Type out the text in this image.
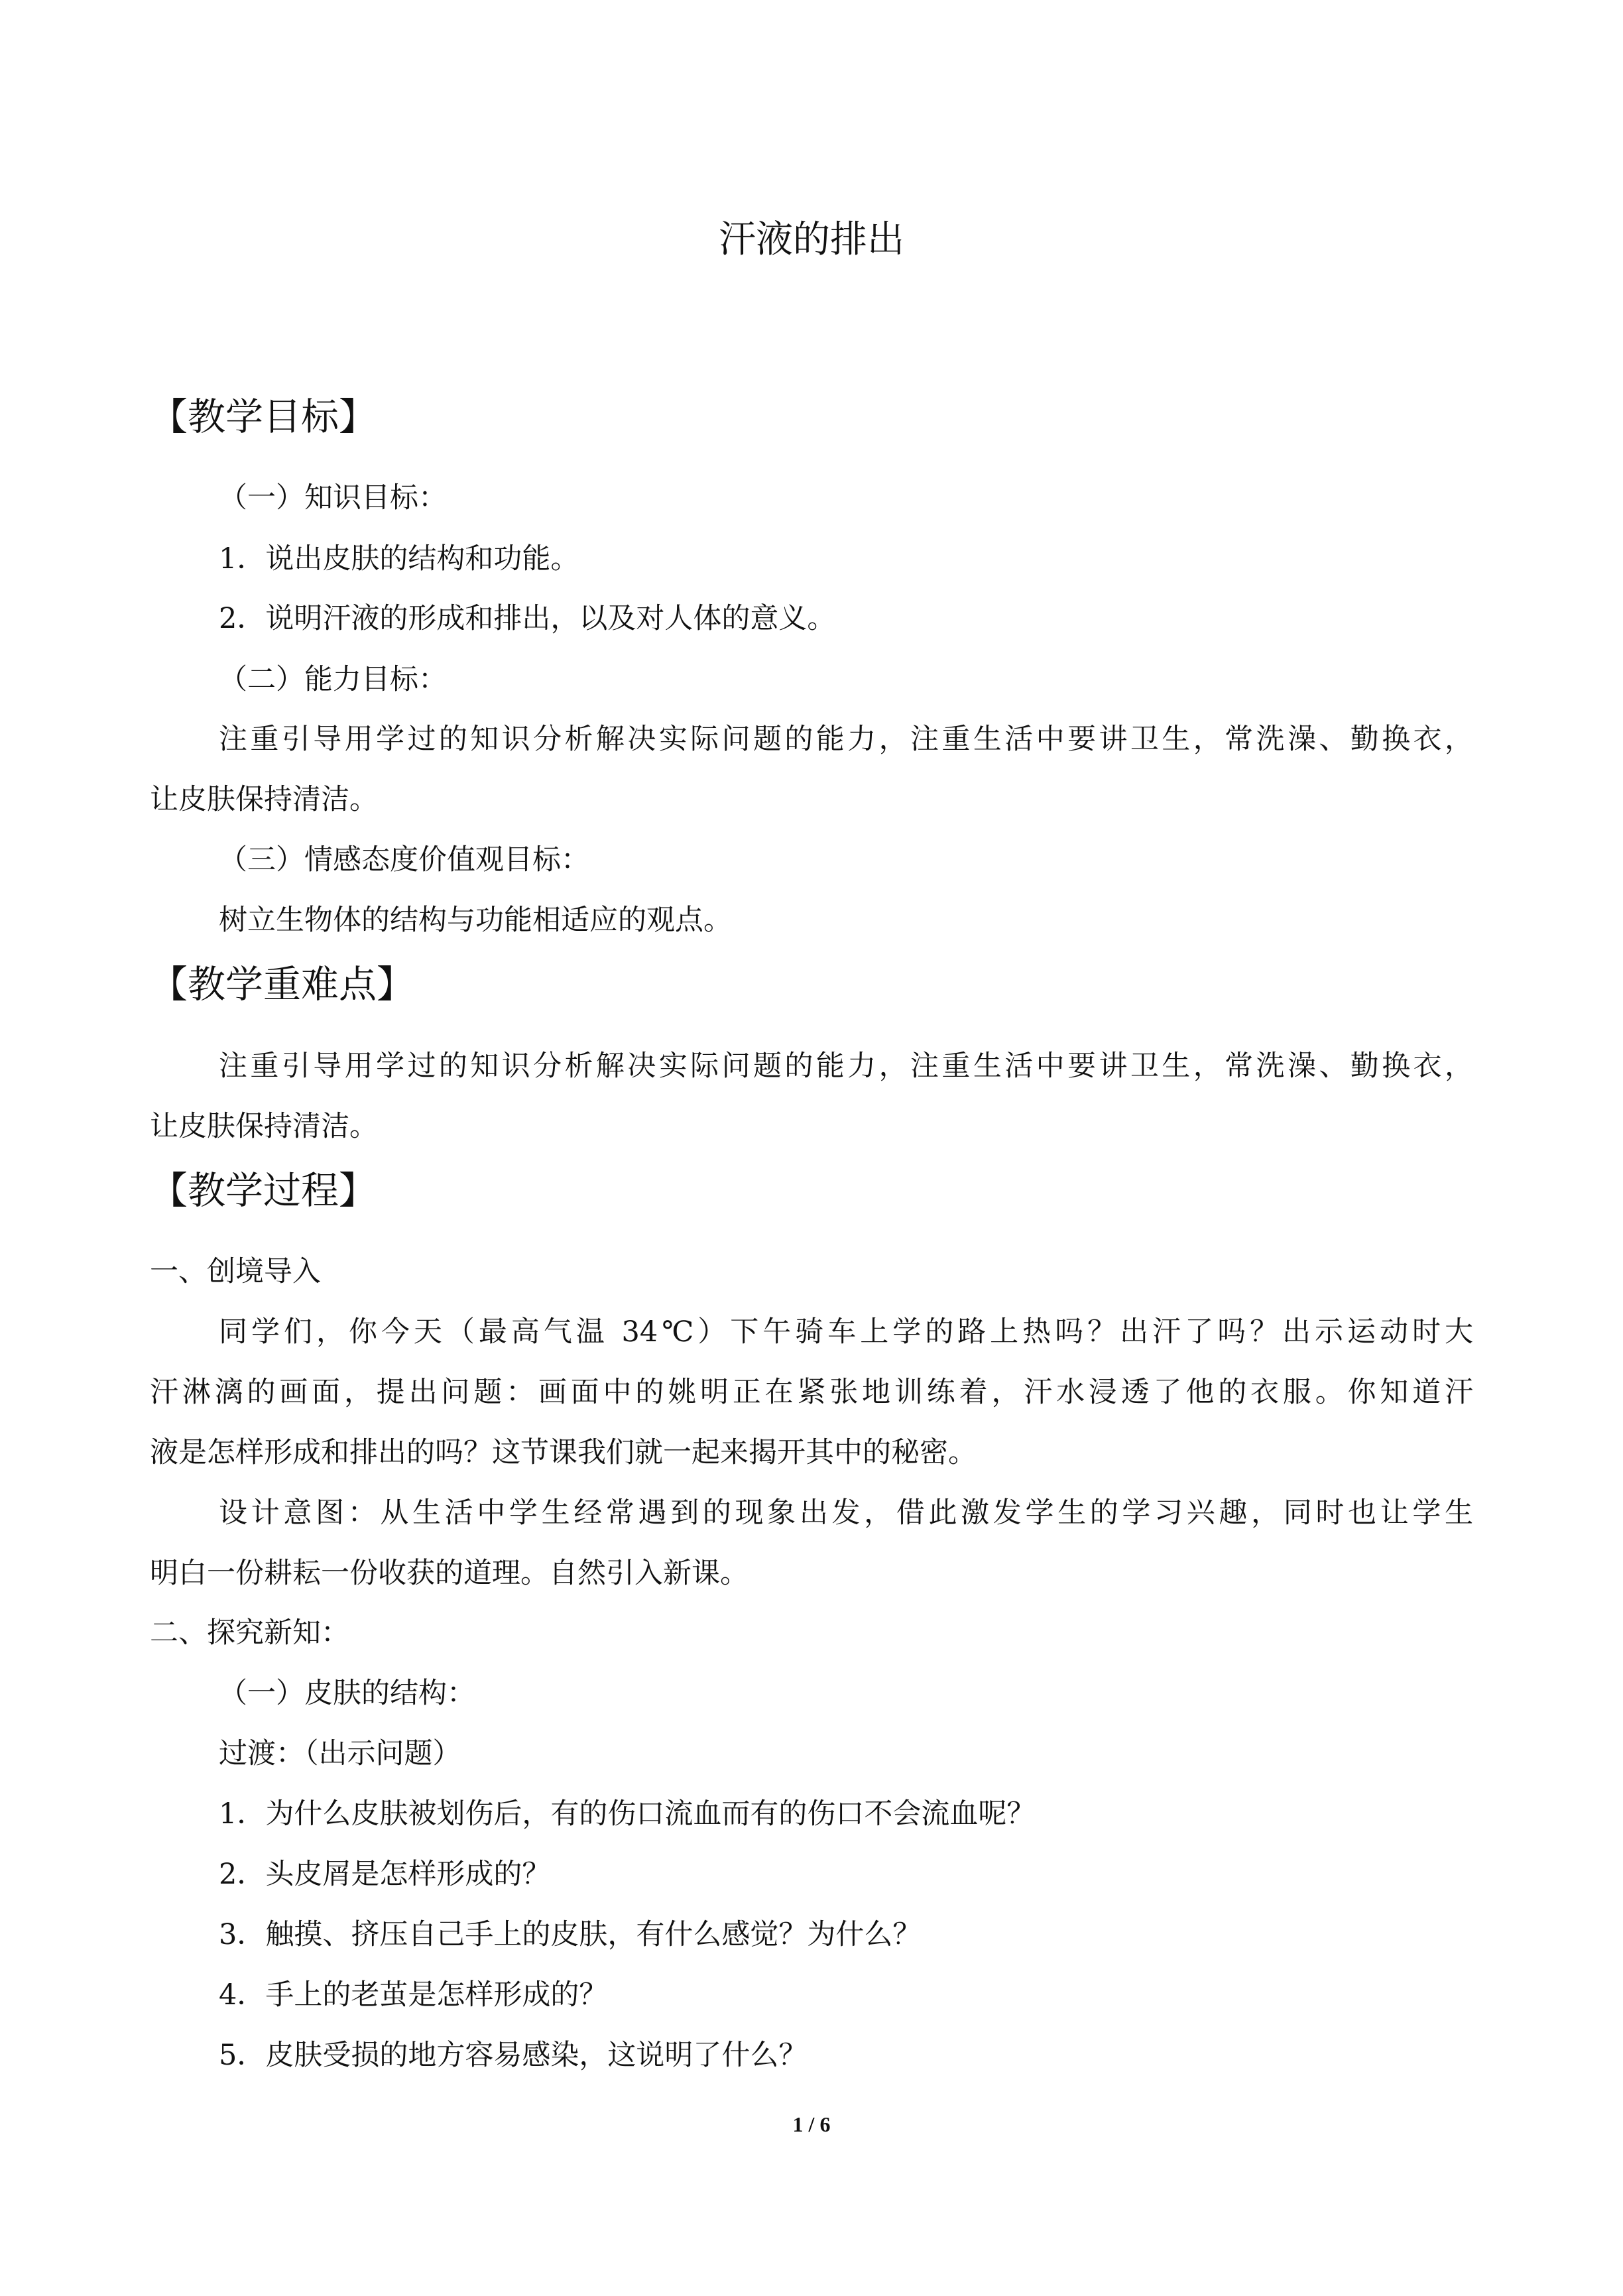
汗液的排出
【教学目标】
（一）知识目标：
1．说出皮肤的结构和功能。
2．说明汗液的形成和排出，以及对人体的意义。
（二）能力目标：
注重引导用学过的知识分析解决实际问题的能力，注重生活中要讲卫生，常洗澡、勤换衣，
让皮肤保持清洁。
（三）情感态度价值观目标：
树立生物体的结构与功能相适应的观点。
【教学重难点】
注重引导用学过的知识分析解决实际问题的能力，注重生活中要讲卫生，常洗澡、勤换衣，
让皮肤保持清洁。
【教学过程】
一、创境导入
同学们，你今天（最高气温 34℃）下午骑车上学的路上热吗？出汗了吗？出示运动时大
汗淋漓的画面，提出问题：画面中的姚明正在紧张地训练着，汗水浸透了他的衣服。你知道汗
液是怎样形成和排出的吗？这节课我们就一起来揭开其中的秘密。
设计意图：从生活中学生经常遇到的现象出发，借此激发学生的学习兴趣，同时也让学生
明白一份耕耘一份收获的道理。自然引入新课。
二、探究新知：
（一）皮肤的结构：
过渡：（出示问题）
1．为什么皮肤被划伤后，有的伤口流血而有的伤口不会流血呢？
2．头皮屑是怎样形成的？
3．触摸、挤压自己手上的皮肤，有什么感觉？为什么？
4．手上的老茧是怎样形成的？
5．皮肤受损的地方容易感染，这说明了什么？
1 / 6
